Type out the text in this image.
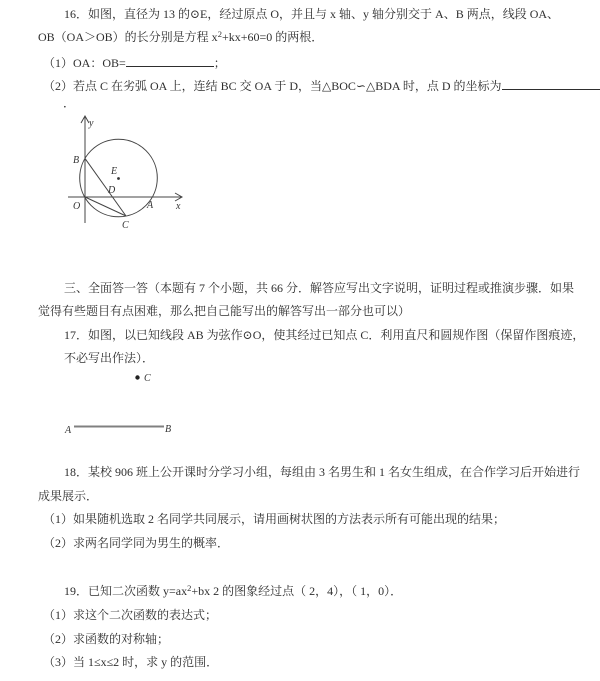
16．如图，直径为 13 的⊙E，经过原点 O，并且与 x 轴、y 轴分别交于 A、B 两点，线段 OA、
OB（OA＞OB）的长分别是方程 $x^2+kx+60=0$ 的两根．
（1）OA：OB=	；
（2）若点 C 在劣弧 OA 上，连结 BC 交 OA 于 D，当△BOC∽△BDA 时，点 D 的坐标为
．
y
x
B
O	A
E
D
C
三、全面答一答（本题有 7 个小题，共 66 分．解答应写出文字说明，证明过程或推演步骤．如果
觉得有些题目有点困难，那么把自己能写出的解答写出一部分也可以）
17．如图，以已知线段 AB 为弦作⊙O，使其经过已知点 C．利用直尺和圆规作图（保留作图痕迹，
不必写出作法）．
C
A	B
18．某校 906 班上公开课时分学习小组，每组由 3 名男生和 1 名女生组成，在合作学习后开始进行
成果展示．
（1）如果随机选取 2 名同学共同展示，请用画树状图的方法表示所有可能出现的结果；
（2）求两名同学同为男生的概率．
19．已知二次函数 $y=ax^2+bx$ 2 的图象经过点（ 2，4），（ 1，0）．
（1）求这个二次函数的表达式；
（2）求函数的对称轴；
（3）当 1≤x≤2 时，求 y 的范围．
